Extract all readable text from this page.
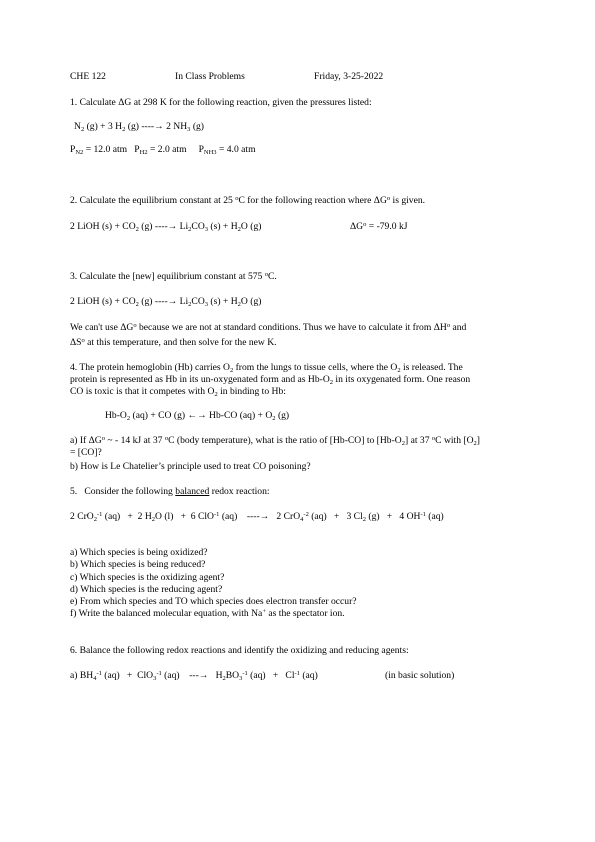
CHE 122	In Class Problems	Friday, 3-25-2022
1. Calculate ΔG at 298 K for the following reaction, given the pressures listed:
$N_2$ (g) + 3 $H_2$ (g) ----→ 2 $NH_3$ (g)
$P_{N2} = 12.0$ atm   $P_{H2} = 2.0$ atm     $P_{NH3} = 4.0$ atm
2. Calculate the equilibrium constant at 25 $^o$C for the following reaction where $\Delta G^o$ is given.
2 LiOH $(s) + CO_2$ (g) ----→ $Li_2CO_3$ $(s) + H_2O$ (g)	$\Delta G^o = -79.0$ kJ
3. Calculate the [new] equilibrium constant at 575 $^o$C.
2 LiOH $(s) + CO_2$ (g) ----→ $Li_2CO_3$ $(s) + H_2O$ (g)
We can't use $\Delta G^o$ because we are not at standard conditions. Thus we have to calculate it from $\Delta H^o$ and
$\Delta S^o$ at this temperature, and then solve for the new K.
4. The protein hemoglobin (Hb) carries $O_2$ from the lungs to tissue cells, where the $O_2$ is released. The
protein is represented as Hb in its un-oxygenated form and as $Hb-O_2$ in its oxygenated form. One reason
CO is toxic is that it competes with $O_2$ in binding to Hb:
$Hb-O_2$ (aq) + CO (g) ←→ Hb-CO $(aq) + O_2$ (g)
a) If $\Delta G^o$ ~ - 14 kJ at 37 $^o$C (body temperature), what is the ratio of [Hb-CO] to $[Hb-O_2]$ at 37 $^o$C with $[O_2]$
= [CO]?
b) How is Le Chatelier’s principle used to treat CO poisoning?
5.   Consider the following balanced redox reaction:
2 CrO$_2^{-1}$ (aq)   +  2 $H_2O$ (l)   +  6 ClO$^{-1}$ (aq)    ----→   2 CrO$_4^{-2}$ (aq)   +   3 $Cl_2$ (g)   +   4 $OH^{-1}$ (aq)
a) Which species is being oxidized?
b) Which species is being reduced?
c) Which species is the oxidizing agent?
d) Which species is the reducing agent?
e) From which species and TO which species does electron transfer occur?
f) Write the balanced molecular equation, with Na+ as the spectator ion.
6. Balance the following redox reactions and identify the oxidizing and reducing agents:
a) $BH_4^{-1}$ (aq)   +  ClO$_3^{-1}$ (aq)    ---→   $H_2BO_3^{-1}$ $(aq) + Cl^{-1}$ (aq)	(in basic solution)
